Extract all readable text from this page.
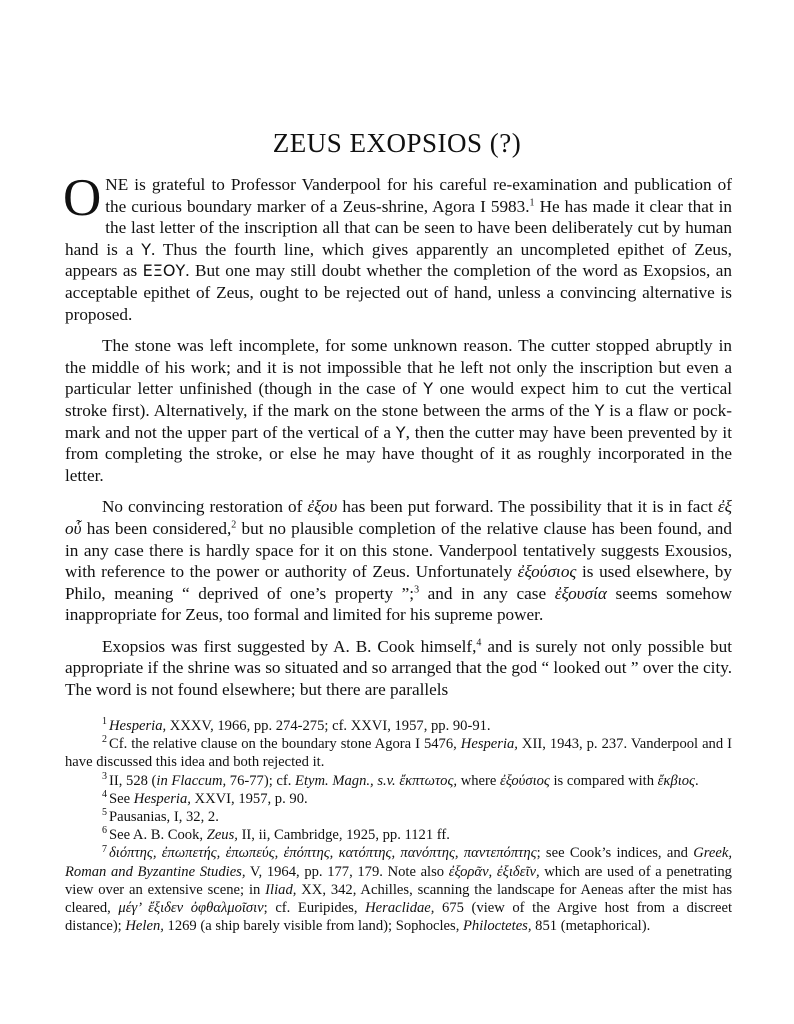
ZEUS EXOPSIOS (?)

ONE is grateful to Professor Vanderpool for his careful re-examination and publication of the curious boundary marker of a Zeus-shrine, Agora I 5983.$^1$ He has made it clear that in the last letter of the inscription all that can be seen to have been deliberately cut by human hand is a Y. Thus the fourth line, which gives apparently an uncompleted epithet of Zeus, appears as ΕΞΟΥ. But one may still doubt whether the completion of the word as Exopsios, an acceptable epithet of Zeus, ought to be rejected out of hand, unless a convincing alternative is proposed.

The stone was left incomplete, for some unknown reason. The cutter stopped abruptly in the middle of his work; and it is not impossible that he left not only the inscription but even a particular letter unfinished (though in the case of Y one would expect him to cut the vertical stroke first). Alternatively, if the mark on the stone between the arms of the Y is a flaw or pock-mark and not the upper part of the vertical of a Y, then the cutter may have been prevented by it from completing the stroke, or else he may have thought of it as roughly incorporated in the letter.

No convincing restoration of ἐξου has been put forward. The possibility that it is in fact ἐξ οὗ has been considered,$^2$ but no plausible completion of the relative clause has been found, and in any case there is hardly space for it on this stone. Vanderpool tentatively suggests Exousios, with reference to the power or authority of Zeus. Unfortunately ἐξούσιος is used elsewhere, by Philo, meaning “ deprived of one’s property ”;$^3$ and in any case ἐξουσία seems somehow inappropriate for Zeus, too formal and limited for his supreme power.

Exopsios was first suggested by A. B. Cook himself,$^4$ and is surely not only possible but appropriate if the shrine was so situated and so arranged that the god “ looked out ” over the city. The word is not found elsewhere; but there are parallels

$^1$ Hesperia, XXXV, 1966, pp. 274-275; cf. XXVI, 1957, pp. 90-91.

$^2$ Cf. the relative clause on the boundary stone Agora I 5476, Hesperia, XII, 1943, p. 237. Vanderpool and I have discussed this idea and both rejected it.

$^3$ II, 528 (in Flaccum, 76-77); cf. Etym. Magn., s.v. ἔκπτωτος, where ἐξούσιος is compared with ἔκβιος.

$^4$ See Hesperia, XXVI, 1957, p. 90.

$^5$ Pausanias, I, 32, 2.

$^6$ See A. B. Cook, Zeus, II, ii, Cambridge, 1925, pp. 1121 ff.

$^7$ διόπτης, ἐπωπετής, ἐπωπεύς, ἐπόπτης, κατόπτης, πανόπτης, παντεπόπτης; see Cook’s indices, and Greek, Roman and Byzantine Studies, V, 1964, pp. 177, 179. Note also ἐξορᾶν, ἐξιδεῖν, which are used of a penetrating view over an extensive scene; in Iliad, XX, 342, Achilles, scanning the landscape for Aeneas after the mist has cleared, μέγ’ ἔξιδεν ὀφθαλμοῖσιν; cf. Euripides, Heraclidae, 675 (view of the Argive host from a discreet distance); Helen, 1269 (a ship barely visible from land); Sophocles, Philoctetes, 851 (metaphorical).
